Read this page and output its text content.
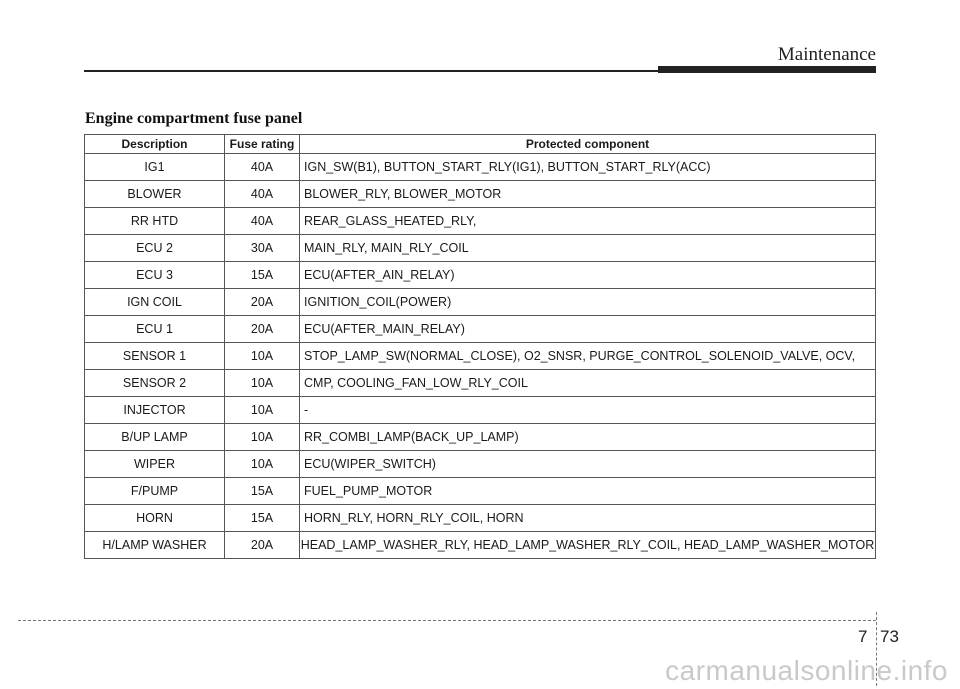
Maintenance
Engine compartment fuse panel
Description	Fuse rating	Protected component
IG1	40A	IGN_SW(B1), BUTTON_START_RLY(IG1), BUTTON_START_RLY(ACC)
BLOWER	40A	BLOWER_RLY, BLOWER_MOTOR
RR HTD	40A	REAR_GLASS_HEATED_RLY,
ECU 2	30A	MAIN_RLY, MAIN_RLY_COIL
ECU 3	15A	ECU(AFTER_AIN_RELAY)
IGN COIL	20A	IGNITION_COIL(POWER)
ECU 1	20A	ECU(AFTER_MAIN_RELAY)
SENSOR 1	10A	STOP_LAMP_SW(NORMAL_CLOSE), O2_SNSR, PURGE_CONTROL_SOLENOID_VALVE, OCV,
SENSOR 2	10A	CMP, COOLING_FAN_LOW_RLY_COIL
INJECTOR	10A	-
B/UP LAMP	10A	RR_COMBI_LAMP(BACK_UP_LAMP)
WIPER	10A	ECU(WIPER_SWITCH)
F/PUMP	15A	FUEL_PUMP_MOTOR
HORN	15A	HORN_RLY, HORN_RLY_COIL, HORN
H/LAMP WASHER	20A	HEAD_LAMP_WASHER_RLY, HEAD_LAMP_WASHER_RLY_COIL, HEAD_LAMP_WASHER_MOTOR
7 73
carmanualsonline.info
